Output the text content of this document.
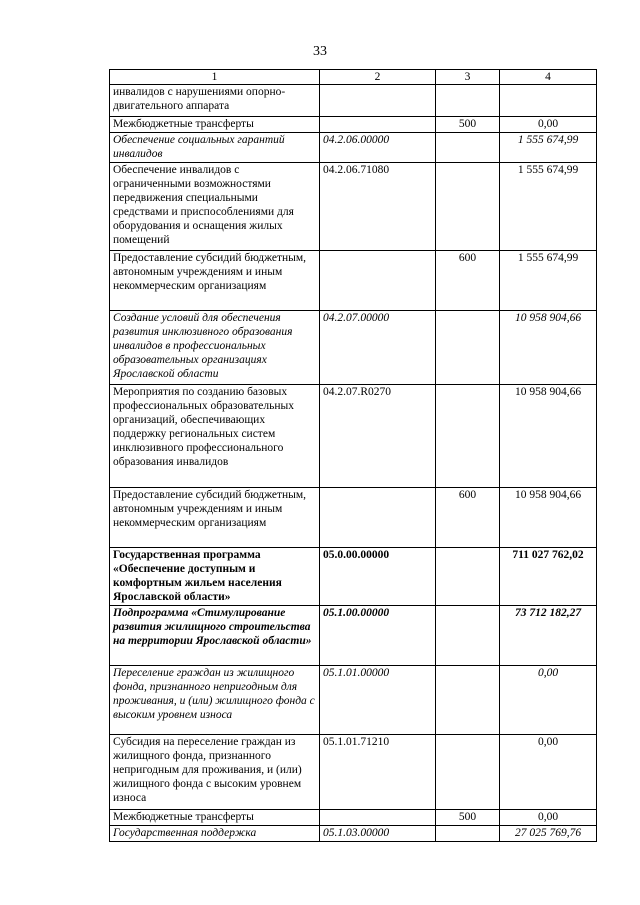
33
1	2	3	4
инвалидов с нарушениями опорно-двигательного аппарата			
Межбюджетные трансферты		500	0,00
Обеспечение социальных гарантий инвалидов	04.2.06.00000		1 555 674,99
Обеспечение инвалидов с ограниченными возможностями передвижения специальными средствами и приспособлениями для оборудования и оснащения жилых помещений	04.2.06.71080		1 555 674,99
Предоставление субсидий бюджетным, автономным учреждениям и иным некоммерческим организациям		600	1 555 674,99
Создание условий для обеспечения развития инклюзивного образования инвалидов в профессиональных образовательных организациях Ярославской области	04.2.07.00000		10 958 904,66
Мероприятия по созданию базовых профессиональных образовательных организаций, обеспечивающих поддержку региональных систем инклюзивного профессионального образования инвалидов	04.2.07.R0270		10 958 904,66
Предоставление субсидий бюджетным, автономным учреждениям и иным некоммерческим организациям		600	10 958 904,66
Государственная программа «Обеспечение доступным и комфортным жильем населения Ярославской области»	05.0.00.00000		711 027 762,02
Подпрограмма «Стимулирование развития жилищного строительства на территории Ярославской области»	05.1.00.00000		73 712 182,27
Переселение граждан из жилищного фонда, признанного непригодным для проживания, и (или) жилищного фонда с высоким уровнем износа	05.1.01.00000		0,00
Субсидия на переселение граждан из жилищного фонда, признанного непригодным для проживания, и (или) жилищного фонда с высоким уровнем износа	05.1.01.71210		0,00
Межбюджетные трансферты		500	0,00
Государственная поддержка	05.1.03.00000		27 025 769,76
